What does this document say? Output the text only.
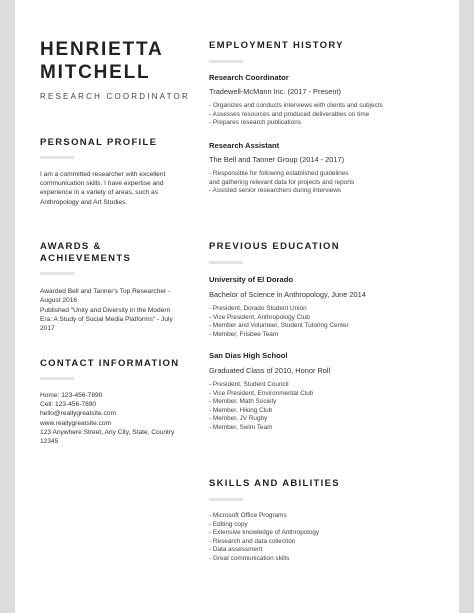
HENRIETTA
MITCHELL
RESEARCH COORDINATOR
PERSONAL PROFILE
I am a committed researcher with excellent communication skills. I have expertise and experience in a variety of areas, such as Anthropology and Art Studies.
AWARDS &
ACHIEVEMENTS
Awarded Bell and Tanner's Top Researcher - August 2016
Published "Unity and Diversity in the Modern Era: A Study of Social Media Platforms" - July 2017
CONTACT INFORMATION
Home: 123-456-7890
Cell: 123-456-7890
hello@reallygreatsite.com
www.reallygreatsite.com
123 Anywhere Street, Any City, State, Country 12345
EMPLOYMENT HISTORY
Research Coordinator
Tradewell-McMann Inc. (2017 - Present)
- Organizes and conducts interviews with clients and subjects
- Assesses resources and produced deliverables on time
- Prepares research publications
Research Assistant
The Bell and Tanner Group (2014 - 2017)
- Responsible for following established guidelines
and gathering relevant data for projects and reports
- Assisted senior researchers during interviews
PREVIOUS EDUCATION
University of El Dorado
Bachelor of Science in Anthropology, June 2014
- President, Dorado Student Union
- Vice President, Anthropology Club
- Member and Volunteer, Student Tutoring Center
- Member, Frisbee Team
San Dias High School
Graduated Class of 2010, Honor Roll
- President, Student Council
- Vice President, Environmental Club
- Member, Math Society
- Member, Hiking Club
- Member, JV Rugby
- Member, Swim Team
SKILLS AND ABILITIES
- Microsoft Office Programs
- Editing copy
- Extensive knowledge of Anthropology
- Research and data collection
- Data assessment
- Great communication skills
